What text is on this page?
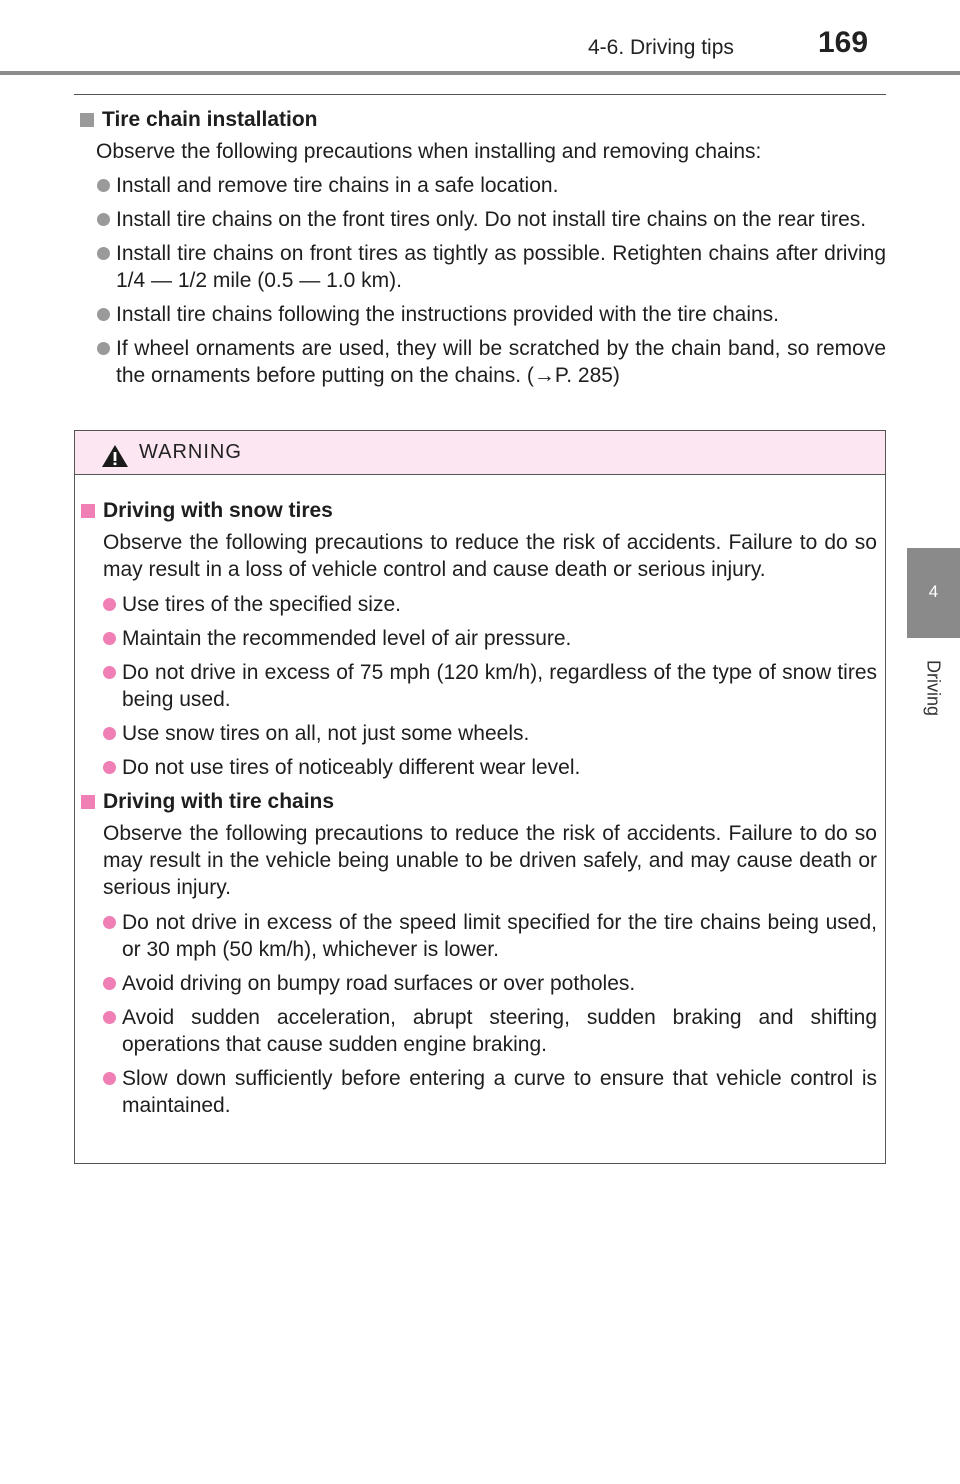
4-6. Driving tips	169
4
Driving
Tire chain installation
Observe the following precautions when installing and removing chains:
Install and remove tire chains in a safe location.
Install tire chains on the front tires only. Do not install tire chains on the rear tires.
Install tire chains on front tires as tightly as possible. Retighten chains after driving 1/4 — 1/2 mile (0.5 — 1.0 km).
Install tire chains following the instructions provided with the tire chains.
If wheel ornaments are used, they will be scratched by the chain band, so remove the ornaments before putting on the chains. (→P. 285)
WARNING
Driving with snow tires
Observe the following precautions to reduce the risk of accidents. Failure to do so may result in a loss of vehicle control and cause death or serious injury.
Use tires of the specified size.
Maintain the recommended level of air pressure.
Do not drive in excess of 75 mph (120 km/h), regardless of the type of snow tires being used.
Use snow tires on all, not just some wheels.
Do not use tires of noticeably different wear level.
Driving with tire chains
Observe the following precautions to reduce the risk of accidents. Failure to do so may result in the vehicle being unable to be driven safely, and may cause death or serious injury.
Do not drive in excess of the speed limit specified for the tire chains being used, or 30 mph (50 km/h), whichever is lower.
Avoid driving on bumpy road surfaces or over potholes.
Avoid sudden acceleration, abrupt steering, sudden braking and shifting operations that cause sudden engine braking.
Slow down sufficiently before entering a curve to ensure that vehicle control is maintained.
